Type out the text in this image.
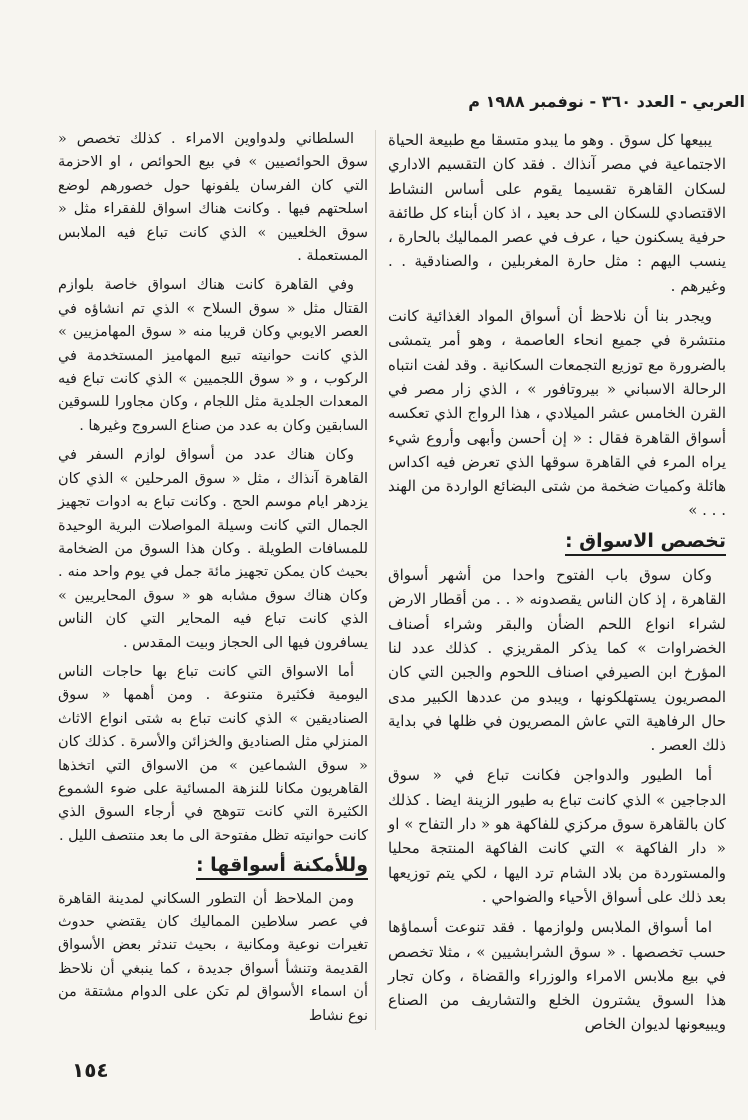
العربي - العدد ٣٦٠ - نوفمبر ١٩٨٨ م

يبيعها كل سوق . وهو ما يبدو متسقا مع طبيعة الحياة الاجتماعية في مصر آنذاك . فقد كان التقسيم الاداري لسكان القاهرة تقسيما يقوم على أساس النشاط الاقتصادي للسكان الى حد بعيد ، اذ كان أبناء كل طائفة حرفية يسكنون حيا ، عرف في عصر المماليك بالحارة ، ينسب اليهم : مثل حارة المغربلين ، والصنادقية . . وغيرهم .

ويجدر بنا أن نلاحظ أن أسواق المواد الغذائية كانت منتشرة في جميع انحاء العاصمة ، وهو أمر يتمشى بالضرورة مع توزيع التجمعات السكانية . وقد لفت انتباه الرحالة الاسباني « بيروتافور » ، الذي زار مصر في القرن الخامس عشر الميلادي ، هذا الرواج الذي تعكسه أسواق القاهرة فقال : « إن أحسن وأبهى وأروع شيء يراه المرء في القاهرة سوقها الذي تعرض فيه اكداس هائلة وكميات ضخمة من شتى البضائع الواردة من الهند . . . »

تخصص الاسواق :

وكان سوق باب الفتوح واحدا من أشهر أسواق القاهرة ، إذ كان الناس يقصدونه « . . من أقطار الارض لشراء انواع اللحم الضأن والبقر وشراء أصناف الخضراوات » كما يذكر المقريزي . كذلك عدد لنا المؤرخ ابن الصيرفي اصناف اللحوم والجبن التي كان المصريون يستهلكونها ، ويبدو من عددها الكبير مدى حال الرفاهية التي عاش المصريون في ظلها في بداية ذلك العصر .

أما الطيور والدواجن فكانت تباع في « سوق الدجاجين » الذي كانت تباع به طيور الزينة ايضا . كذلك كان بالقاهرة سوق مركزي للفاكهة هو « دار التفاح » او « دار الفاكهة » التي كانت الفاكهة المنتجة محليا والمستوردة من بلاد الشام ترد اليها ، لكي يتم توزيعها بعد ذلك على أسواق الأحياء والضواحي .

اما أسواق الملابس ولوازمها . فقد تنوعت أسماؤها حسب تخصصها . « سوق الشرابشيين » ، مثلا تخصص في بيع ملابس الامراء والوزراء والقضاة ، وكان تجار هذا السوق يشترون الخلع والتشاريف من الصناع ويبيعونها لديوان الخاص

السلطاني ولدواوين الامراء . كذلك تخصص « سوق الحوائصيين » في بيع الحوائص ، او الاحزمة التي كان الفرسان يلفونها حول خصورهم لوضع اسلحتهم فيها . وكانت هناك اسواق للفقراء مثل « سوق الخلعيين » الذي كانت تباع فيه الملابس المستعملة .

وفي القاهرة كانت هناك اسواق خاصة بلوازم القتال مثل « سوق السلاح » الذي تم انشاؤه في العصر الايوبي وكان قريبا منه « سوق المهامزيين » الذي كانت حوانيته تبيع المهاميز المستخدمة في الركوب ، و « سوق اللجميين » الذي كانت تباع فيه المعدات الجلدية مثل اللجام ، وكان مجاورا للسوقين السابقين وكان به عدد من صناع السروج وغيرها .

وكان هناك عدد من أسواق لوازم السفر في القاهرة آنذاك ، مثل « سوق المرحلين » الذي كان يزدهر ايام موسم الحج . وكانت تباع به ادوات تجهيز الجمال التي كانت وسيلة المواصلات البرية الوحيدة للمسافات الطويلة . وكان هذا السوق من الضخامة بحيث كان يمكن تجهيز مائة جمل في يوم واحد منه . وكان هناك سوق مشابه هو « سوق المحايريين » الذي كانت تباع فيه المحاير التي كان الناس يسافرون فيها الى الحجاز وبيت المقدس .

أما الاسواق التي كانت تباع بها حاجات الناس اليومية فكثيرة متنوعة . ومن أهمها « سوق الصناديقين » الذي كانت تباع به شتى انواع الاثاث المنزلي مثل الصناديق والخزائن والأسرة . كذلك كان « سوق الشماعين » من الاسواق التي اتخذها القاهريون مكانا للنزهة المسائية على ضوء الشموع الكثيرة التي كانت تتوهج في أرجاء السوق الذي كانت حوانيته تظل مفتوحة الى ما بعد منتصف الليل .

وللأمكنة أسواقها :

ومن الملاحظ أن التطور السكاني لمدينة القاهرة في عصر سلاطين المماليك كان يقتضي حدوث تغيرات نوعية ومكانية ، بحيث تندثر بعض الأسواق القديمة وتنشأ أسواق جديدة ، كما ينبغي أن نلاحظ أن اسماء الأسواق لم تكن على الدوام مشتقة من نوع نشاط

١٥٤
